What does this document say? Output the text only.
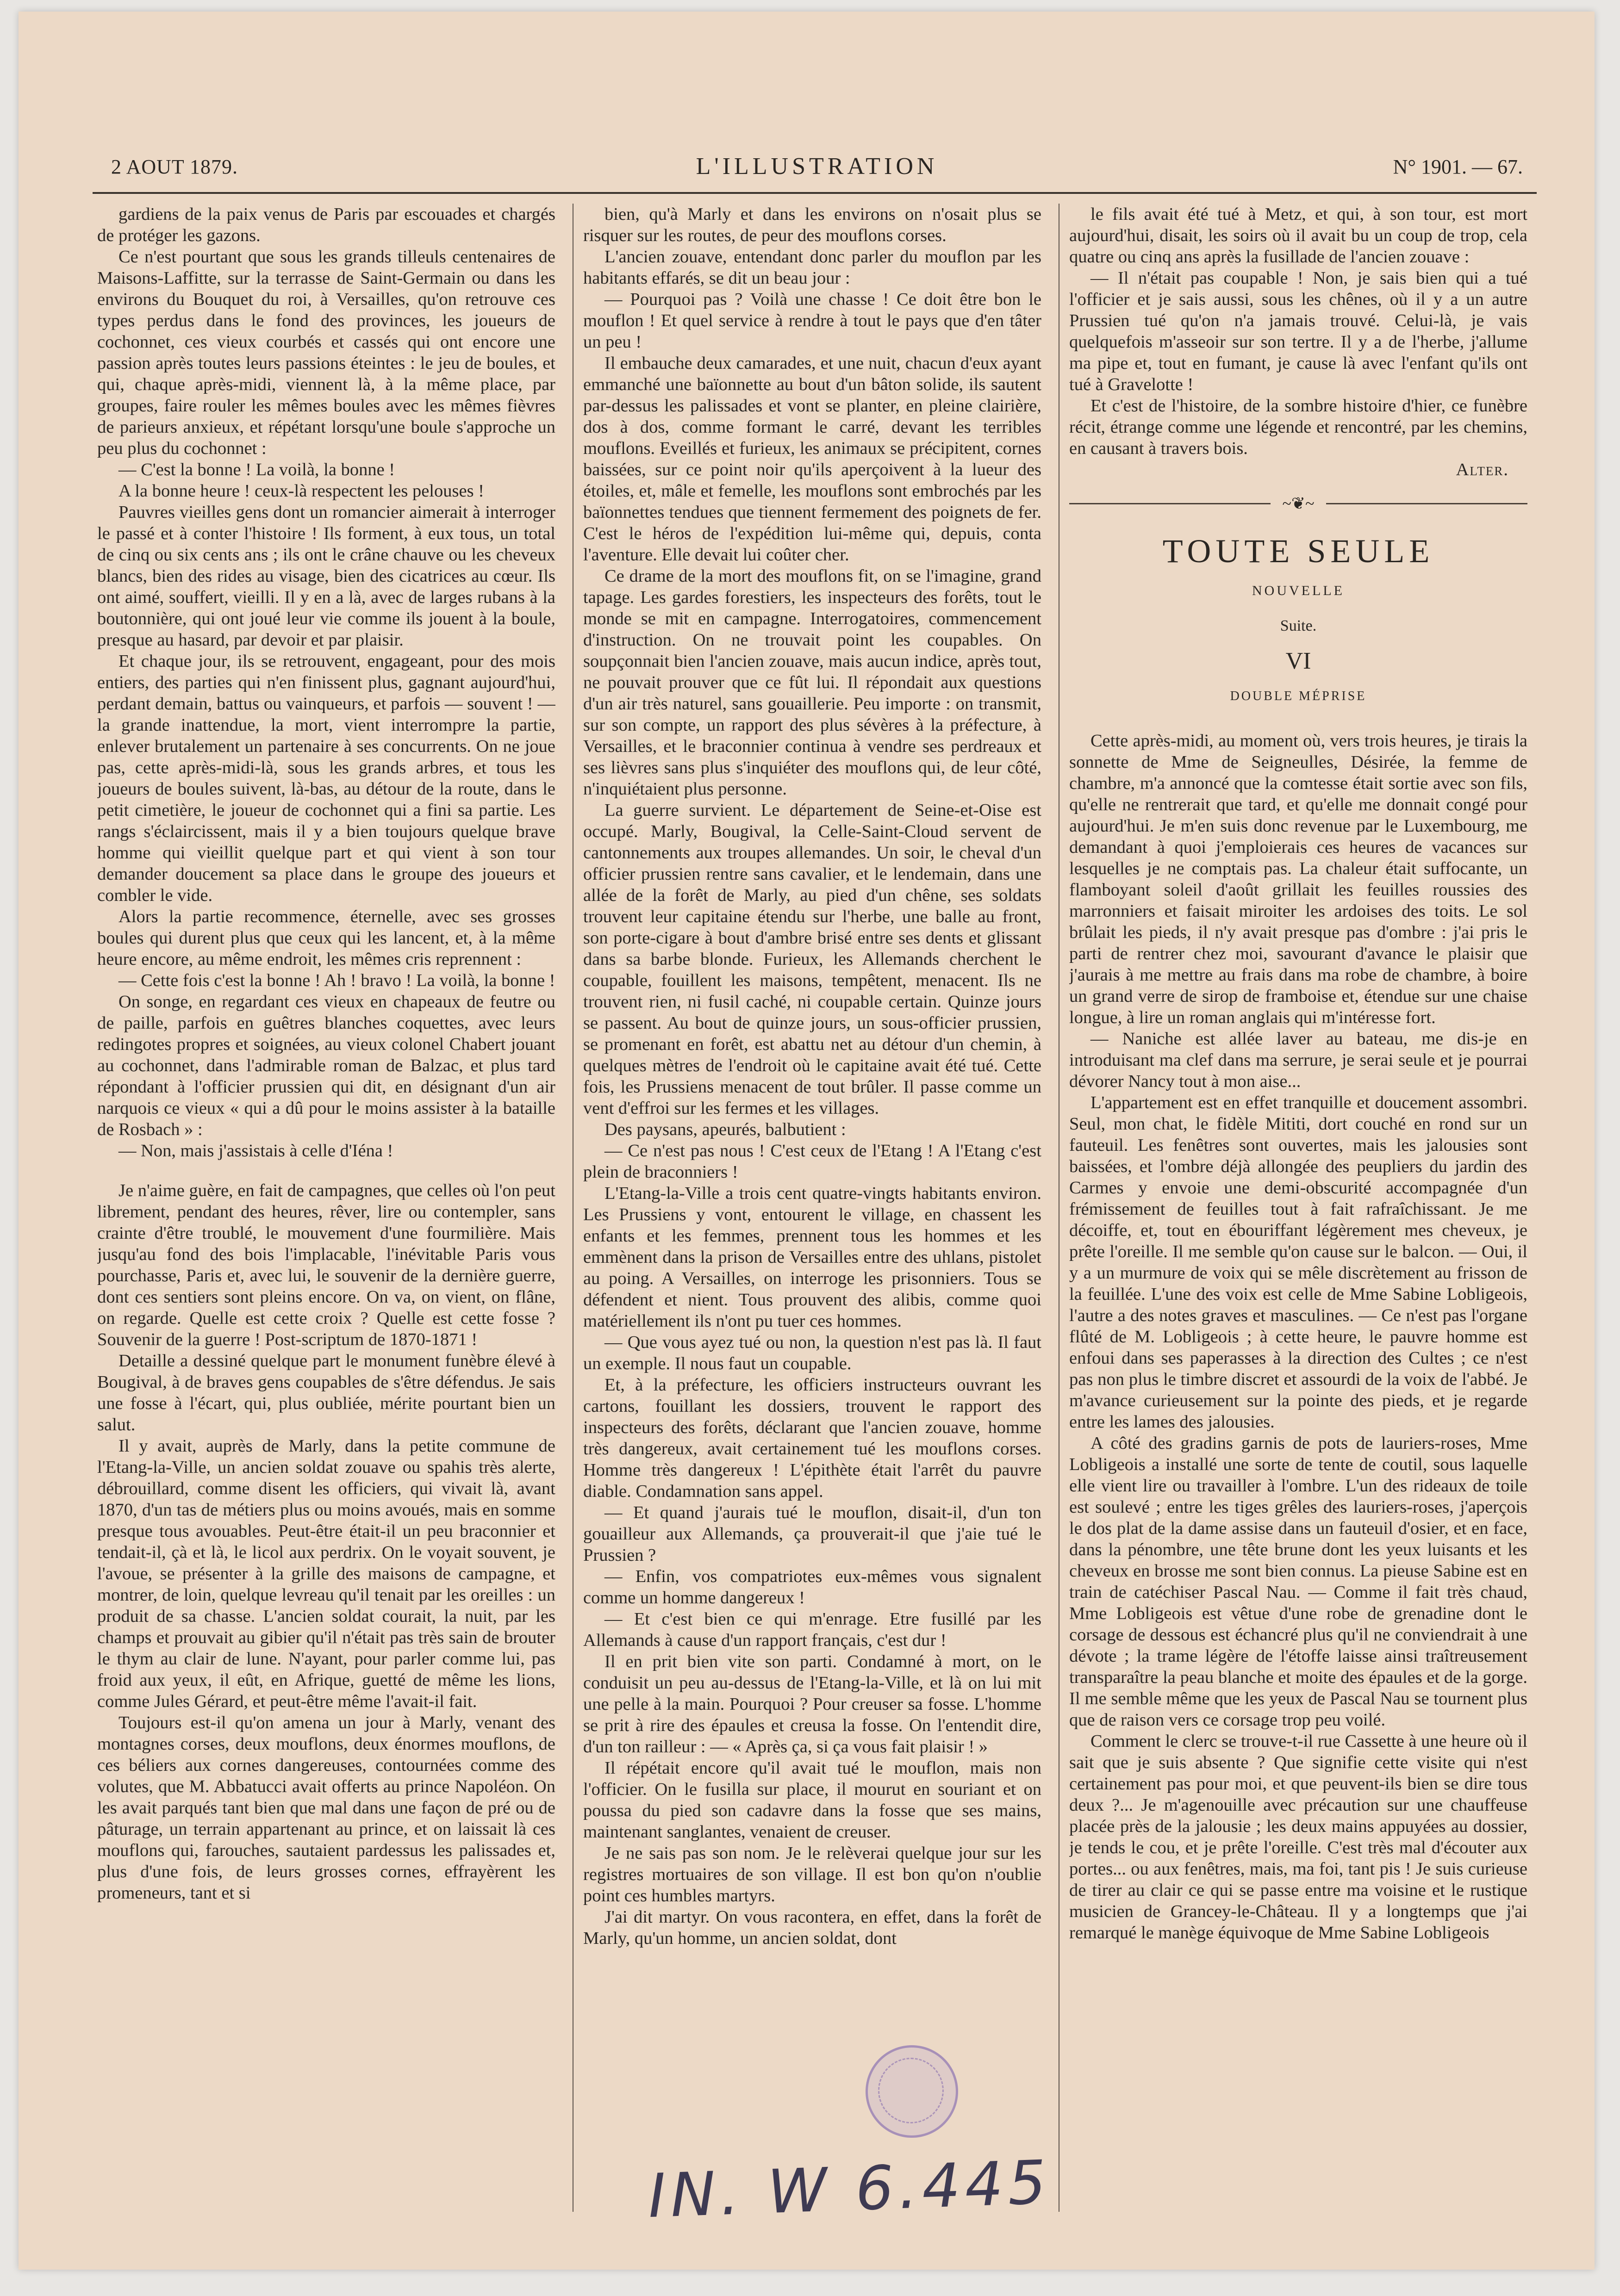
2 AOUT 1879.	L'ILLUSTRATION	N° 1901. — 67.

gardiens de la paix venus de Paris par escouades et chargés de protéger les gazons.

Ce n'est pourtant que sous les grands tilleuls centenaires de Maisons-Laffitte, sur la terrasse de Saint-Germain ou dans les environs du Bouquet du roi, à Versailles, qu'on retrouve ces types perdus dans le fond des provinces, les joueurs de cochonnet, ces vieux courbés et cassés qui ont encore une passion après toutes leurs passions éteintes : le jeu de boules, et qui, chaque après-midi, viennent là, à la même place, par groupes, faire rouler les mêmes boules avec les mêmes fièvres de parieurs anxieux, et répétant lorsqu'une boule s'approche un peu plus du cochonnet :

— C'est la bonne ! La voilà, la bonne !

A la bonne heure ! ceux-là respectent les pelouses !

Pauvres vieilles gens dont un romancier aimerait à interroger le passé et à conter l'histoire ! Ils forment, à eux tous, un total de cinq ou six cents ans ; ils ont le crâne chauve ou les cheveux blancs, bien des rides au visage, bien des cicatrices au cœur. Ils ont aimé, souffert, vieilli. Il y en a là, avec de larges rubans à la boutonnière, qui ont joué leur vie comme ils jouent à la boule, presque au hasard, par devoir et par plaisir.

Et chaque jour, ils se retrouvent, engageant, pour des mois entiers, des parties qui n'en finissent plus, gagnant aujourd'hui, perdant demain, battus ou vainqueurs, et parfois — souvent ! — la grande inattendue, la mort, vient interrompre la partie, enlever brutalement un partenaire à ses concurrents. On ne joue pas, cette après-midi-là, sous les grands arbres, et tous les joueurs de boules suivent, là-bas, au détour de la route, dans le petit cimetière, le joueur de cochonnet qui a fini sa partie. Les rangs s'éclaircissent, mais il y a bien toujours quelque brave homme qui vieillit quelque part et qui vient à son tour demander doucement sa place dans le groupe des joueurs et combler le vide.

Alors la partie recommence, éternelle, avec ses grosses boules qui durent plus que ceux qui les lancent, et, à la même heure encore, au même endroit, les mêmes cris reprennent :

— Cette fois c'est la bonne ! Ah ! bravo ! La voilà, la bonne !

On songe, en regardant ces vieux en chapeaux de feutre ou de paille, parfois en guêtres blanches coquettes, avec leurs redingotes propres et soignées, au vieux colonel Chabert jouant au cochonnet, dans l'admirable roman de Balzac, et plus tard répondant à l'officier prussien qui dit, en désignant d'un air narquois ce vieux « qui a dû pour le moins assister à la bataille de Rosbach » :

— Non, mais j'assistais à celle d'Iéna !

Je n'aime guère, en fait de campagnes, que celles où l'on peut librement, pendant des heures, rêver, lire ou contempler, sans crainte d'être troublé, le mouvement d'une fourmilière. Mais jusqu'au fond des bois l'implacable, l'inévitable Paris vous pourchasse, Paris et, avec lui, le souvenir de la dernière guerre, dont ces sentiers sont pleins encore. On va, on vient, on flâne, on regarde. Quelle est cette croix ? Quelle est cette fosse ? Souvenir de la guerre ! Post-scriptum de 1870-1871 !

Detaille a dessiné quelque part le monument funèbre élevé à Bougival, à de braves gens coupables de s'être défendus. Je sais une fosse à l'écart, qui, plus oubliée, mérite pourtant bien un salut.

Il y avait, auprès de Marly, dans la petite commune de l'Etang-la-Ville, un ancien soldat zouave ou spahis très alerte, débrouillard, comme disent les officiers, qui vivait là, avant 1870, d'un tas de métiers plus ou moins avoués, mais en somme presque tous avouables. Peut-être était-il un peu braconnier et tendait-il, çà et là, le licol aux perdrix. On le voyait souvent, je l'avoue, se présenter à la grille des maisons de campagne, et montrer, de loin, quelque levreau qu'il tenait par les oreilles : un produit de sa chasse. L'ancien soldat courait, la nuit, par les champs et prouvait au gibier qu'il n'était pas très sain de brouter le thym au clair de lune. N'ayant, pour parler comme lui, pas froid aux yeux, il eût, en Afrique, guetté de même les lions, comme Jules Gérard, et peut-être même l'avait-il fait.

Toujours est-il qu'on amena un jour à Marly, venant des montagnes corses, deux mouflons, deux énormes mouflons, de ces béliers aux cornes dangereuses, contournées comme des volutes, que M. Abbatucci avait offerts au prince Napoléon. On les avait parqués tant bien que mal dans une façon de pré ou de pâturage, un terrain appartenant au prince, et on laissait là ces mouflons qui, farouches, sautaient pardessus les palissades et, plus d'une fois, de leurs grosses cornes, effrayèrent les promeneurs, tant et si

bien, qu'à Marly et dans les environs on n'osait plus se risquer sur les routes, de peur des mouflons corses.

L'ancien zouave, entendant donc parler du mouflon par les habitants effarés, se dit un beau jour :

— Pourquoi pas ? Voilà une chasse ! Ce doit être bon le mouflon ! Et quel service à rendre à tout le pays que d'en tâter un peu !

Il embauche deux camarades, et une nuit, chacun d'eux ayant emmanché une baïonnette au bout d'un bâton solide, ils sautent par-dessus les palissades et vont se planter, en pleine clairière, dos à dos, comme formant le carré, devant les terribles mouflons. Eveillés et furieux, les animaux se précipitent, cornes baissées, sur ce point noir qu'ils aperçoivent à la lueur des étoiles, et, mâle et femelle, les mouflons sont embrochés par les baïonnettes tendues que tiennent fermement des poignets de fer. C'est le héros de l'expédition lui-même qui, depuis, conta l'aventure. Elle devait lui coûter cher.

Ce drame de la mort des mouflons fit, on se l'imagine, grand tapage. Les gardes forestiers, les inspecteurs des forêts, tout le monde se mit en campagne. Interrogatoires, commencement d'instruction. On ne trouvait point les coupables. On soupçonnait bien l'ancien zouave, mais aucun indice, après tout, ne pouvait prouver que ce fût lui. Il répondait aux questions d'un air très naturel, sans gouaillerie. Peu importe : on transmit, sur son compte, un rapport des plus sévères à la préfecture, à Versailles, et le braconnier continua à vendre ses perdreaux et ses lièvres sans plus s'inquiéter des mouflons qui, de leur côté, n'inquiétaient plus personne.

La guerre survient. Le département de Seine-et-Oise est occupé. Marly, Bougival, la Celle-Saint-Cloud servent de cantonnements aux troupes allemandes. Un soir, le cheval d'un officier prussien rentre sans cavalier, et le lendemain, dans une allée de la forêt de Marly, au pied d'un chêne, ses soldats trouvent leur capitaine étendu sur l'herbe, une balle au front, son porte-cigare à bout d'ambre brisé entre ses dents et glissant dans sa barbe blonde. Furieux, les Allemands cherchent le coupable, fouillent les maisons, tempêtent, menacent. Ils ne trouvent rien, ni fusil caché, ni coupable certain. Quinze jours se passent. Au bout de quinze jours, un sous-officier prussien, se promenant en forêt, est abattu net au détour d'un chemin, à quelques mètres de l'endroit où le capitaine avait été tué. Cette fois, les Prussiens menacent de tout brûler. Il passe comme un vent d'effroi sur les fermes et les villages.

Des paysans, apeurés, balbutient :

— Ce n'est pas nous ! C'est ceux de l'Etang ! A l'Etang c'est plein de braconniers !

L'Etang-la-Ville a trois cent quatre-vingts habitants environ. Les Prussiens y vont, entourent le village, en chassent les enfants et les femmes, prennent tous les hommes et les emmènent dans la prison de Versailles entre des uhlans, pistolet au poing. A Versailles, on interroge les prisonniers. Tous se défendent et nient. Tous prouvent des alibis, comme quoi matériellement ils n'ont pu tuer ces hommes.

— Que vous ayez tué ou non, la question n'est pas là. Il faut un exemple. Il nous faut un coupable.

Et, à la préfecture, les officiers instructeurs ouvrant les cartons, fouillant les dossiers, trouvent le rapport des inspecteurs des forêts, déclarant que l'ancien zouave, homme très dangereux, avait certainement tué les mouflons corses. Homme très dangereux ! L'épithète était l'arrêt du pauvre diable. Condamnation sans appel.

— Et quand j'aurais tué le mouflon, disait-il, d'un ton gouailleur aux Allemands, ça prouverait-il que j'aie tué le Prussien ?

— Enfin, vos compatriotes eux-mêmes vous signalent comme un homme dangereux !

— Et c'est bien ce qui m'enrage. Etre fusillé par les Allemands à cause d'un rapport français, c'est dur !

Il en prit bien vite son parti. Condamné à mort, on le conduisit un peu au-dessus de l'Etang-la-Ville, et là on lui mit une pelle à la main. Pourquoi ? Pour creuser sa fosse. L'homme se prit à rire des épaules et creusa la fosse. On l'entendit dire, d'un ton railleur : — « Après ça, si ça vous fait plaisir ! »

Il répétait encore qu'il avait tué le mouflon, mais non l'officier. On le fusilla sur place, il mourut en souriant et on poussa du pied son cadavre dans la fosse que ses mains, maintenant sanglantes, venaient de creuser.

Je ne sais pas son nom. Je le relèverai quelque jour sur les registres mortuaires de son village. Il est bon qu'on n'oublie point ces humbles martyrs.

J'ai dit martyr. On vous racontera, en effet, dans la forêt de Marly, qu'un homme, un ancien soldat, dont

le fils avait été tué à Metz, et qui, à son tour, est mort aujourd'hui, disait, les soirs où il avait bu un coup de trop, cela quatre ou cinq ans après la fusillade de l'ancien zouave :

— Il n'était pas coupable ! Non, je sais bien qui a tué l'officier et je sais aussi, sous les chênes, où il y a un autre Prussien tué qu'on n'a jamais trouvé. Celui-là, je vais quelquefois m'asseoir sur son tertre. Il y a de l'herbe, j'allume ma pipe et, tout en fumant, je cause là avec l'enfant qu'ils ont tué à Gravelotte !

Et c'est de l'histoire, de la sombre histoire d'hier, ce funèbre récit, étrange comme une légende et rencontré, par les chemins, en causant à travers bois.

Alter.

~❦~
TOUTE SEULE
NOUVELLE
Suite.
VI
DOUBLE MÉPRISE

Cette après-midi, au moment où, vers trois heures, je tirais la sonnette de Mme de Seigneulles, Désirée, la femme de chambre, m'a annoncé que la comtesse était sortie avec son fils, qu'elle ne rentrerait que tard, et qu'elle me donnait congé pour aujourd'hui. Je m'en suis donc revenue par le Luxembourg, me demandant à quoi j'emploierais ces heures de vacances sur lesquelles je ne comptais pas. La chaleur était suffocante, un flamboyant soleil d'août grillait les feuilles roussies des marronniers et faisait miroiter les ardoises des toits. Le sol brûlait les pieds, il n'y avait presque pas d'ombre : j'ai pris le parti de rentrer chez moi, savourant d'avance le plaisir que j'aurais à me mettre au frais dans ma robe de chambre, à boire un grand verre de sirop de framboise et, étendue sur une chaise longue, à lire un roman anglais qui m'intéresse fort.

— Naniche est allée laver au bateau, me dis-je en introduisant ma clef dans ma serrure, je serai seule et je pourrai dévorer Nancy tout à mon aise...

L'appartement est en effet tranquille et doucement assombri. Seul, mon chat, le fidèle Mititi, dort couché en rond sur un fauteuil. Les fenêtres sont ouvertes, mais les jalousies sont baissées, et l'ombre déjà allongée des peupliers du jardin des Carmes y envoie une demi-obscurité accompagnée d'un frémissement de feuilles tout à fait rafraîchissant. Je me décoiffe, et, tout en ébouriffant légèrement mes cheveux, je prête l'oreille. Il me semble qu'on cause sur le balcon. — Oui, il y a un murmure de voix qui se mêle discrètement au frisson de la feuillée. L'une des voix est celle de Mme Sabine Lobligeois, l'autre a des notes graves et masculines. — Ce n'est pas l'organe flûté de M. Lobligeois ; à cette heure, le pauvre homme est enfoui dans ses paperasses à la direction des Cultes ; ce n'est pas non plus le timbre discret et assourdi de la voix de l'abbé. Je m'avance curieusement sur la pointe des pieds, et je regarde entre les lames des jalousies.

A côté des gradins garnis de pots de lauriers-roses, Mme Lobligeois a installé une sorte de tente de coutil, sous laquelle elle vient lire ou travailler à l'ombre. L'un des rideaux de toile est soulevé ; entre les tiges grêles des lauriers-roses, j'aperçois le dos plat de la dame assise dans un fauteuil d'osier, et en face, dans la pénombre, une tête brune dont les yeux luisants et les cheveux en brosse me sont bien connus. La pieuse Sabine est en train de catéchiser Pascal Nau. — Comme il fait très chaud, Mme Lobligeois est vêtue d'une robe de grenadine dont le corsage de dessous est échancré plus qu'il ne conviendrait à une dévote ; la trame légère de l'étoffe laisse ainsi traîtreusement transparaître la peau blanche et moite des épaules et de la gorge. Il me semble même que les yeux de Pascal Nau se tournent plus que de raison vers ce corsage trop peu voilé.

Comment le clerc se trouve-t-il rue Cassette à une heure où il sait que je suis absente ? Que signifie cette visite qui n'est certainement pas pour moi, et que peuvent-ils bien se dire tous deux ?... Je m'agenouille avec précaution sur une chauffeuse placée près de la jalousie ; les deux mains appuyées au dossier, je tends le cou, et je prête l'oreille. C'est très mal d'écouter aux portes... ou aux fenêtres, mais, ma foi, tant pis ! Je suis curieuse de tirer au clair ce qui se passe entre ma voisine et le rustique musicien de Grancey-le-Château. Il y a longtemps que j'ai remarqué le manège équivoque de Mme Sabine Lobligeois

IN. W 6.445
